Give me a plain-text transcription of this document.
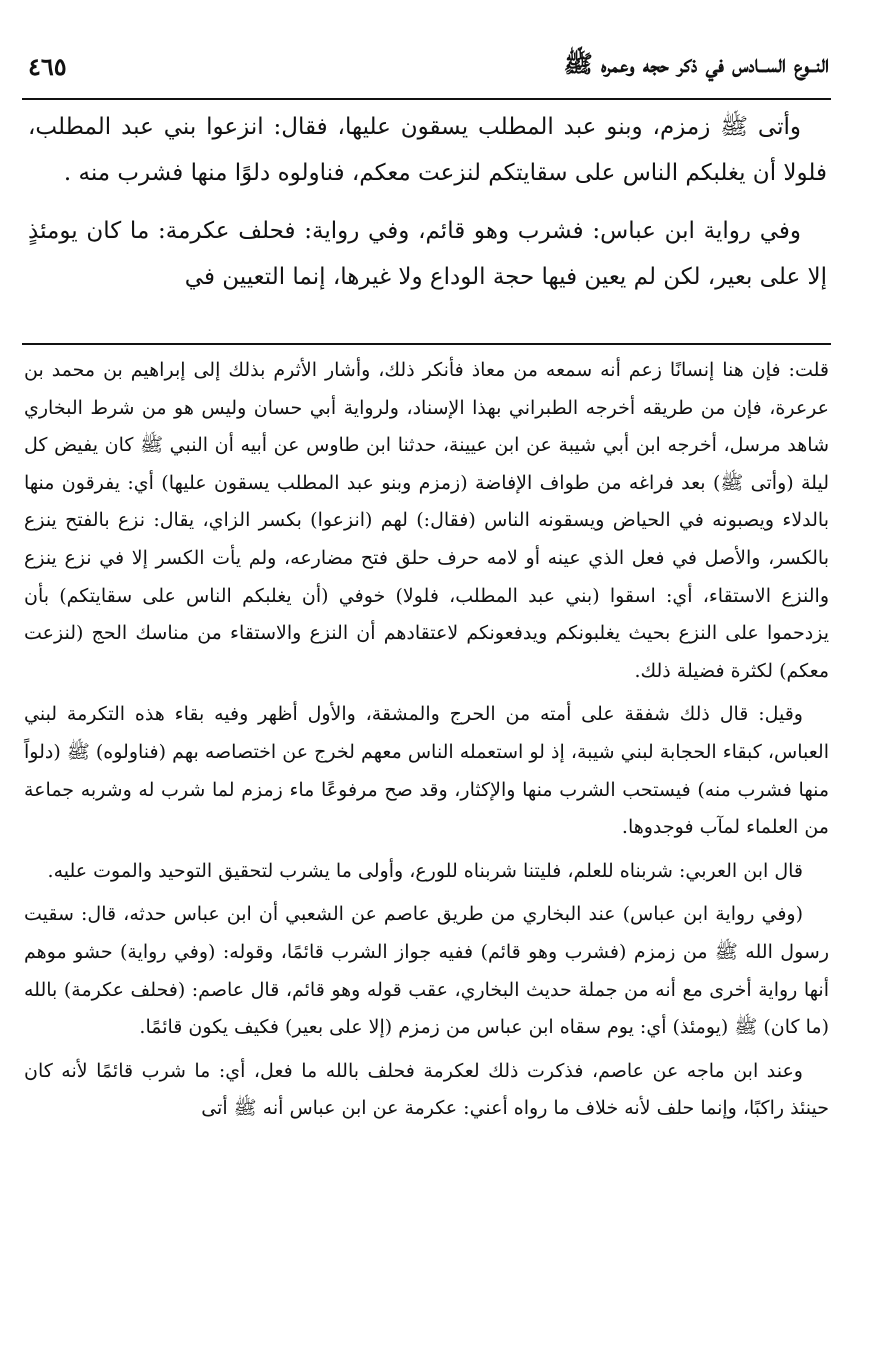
النــوع الســادس في ذكر حجه وعمره ﷺ
٤٦٥

وأتى ﷺ زمزم، وبنو عبد المطلب يسقون عليها، فقال: انزعوا بني عبد المطلب، فلولا أن يغلبكم الناس على سقايتكم لنزعت معكم، فناولوه دلوًا منها فشرب منه .

وفي رواية ابن عباس: فشرب وهو قائم، وفي رواية: فحلف عكرمة: ما كان يومئذٍ إلا على بعير، لكن لم يعين فيها حجة الوداع ولا غيرها، إنما التعيين في

قلت: فإن هنا إنسانًا زعم أنه سمعه من معاذ فأنكر ذلك، وأشار الأثرم بذلك إلى إبراهيم بن محمد بن عرعرة، فإن من طريقه أخرجه الطبراني بهذا الإسناد، ولرواية أبي حسان وليس هو من شرط البخاري شاهد مرسل، أخرجه ابن أبي شيبة عن ابن عيينة، حدثنا ابن طاوس عن أبيه أن النبي ﷺ كان يفيض كل ليلة (وأتى ﷺ) بعد فراغه من طواف الإفاضة (زمزم وبنو عبد المطلب يسقون عليها) أي: يفرقون منها بالدلاء ويصبونه في الحياض ويسقونه الناس (فقال:) لهم (انزعوا) بكسر الزاي، يقال: نزع بالفتح ينزع بالكسر، والأصل في فعل الذي عينه أو لامه حرف حلق فتح مضارعه، ولم يأت الكسر إلا في نزع ينزع والنزع الاستقاء، أي: اسقوا (بني عبد المطلب، فلولا) خوفي (أن يغلبكم الناس على سقايتكم) بأن يزدحموا على النزع بحيث يغلبونكم ويدفعونكم لاعتقادهم أن النزع والاستقاء من مناسك الحج (لنزعت معكم) لكثرة فضيلة ذلك.

وقيل: قال ذلك شفقة على أمته من الحرج والمشقة، والأول أظهر وفيه بقاء هذه التكرمة لبني العباس، كبقاء الحجابة لبني شيبة، إذ لو استعمله الناس معهم لخرج عن اختصاصه بهم (فناولوه) ﷺ (دلواً منها فشرب منه) فيستحب الشرب منها والإكثار، وقد صح مرفوعًا ماء زمزم لما شرب له وشربه جماعة من العلماء لمآب فوجدوها.

قال ابن العربي: شربناه للعلم، فليتنا شربناه للورع، وأولى ما يشرب لتحقيق التوحيد والموت عليه.

(وفي رواية ابن عباس) عند البخاري من طريق عاصم عن الشعبي أن ابن عباس حدثه، قال: سقيت رسول الله ﷺ من زمزم (فشرب وهو قائم) ففيه جواز الشرب قائمًا، وقوله: (وفي رواية) حشو موهم أنها رواية أخرى مع أنه من جملة حديث البخاري، عقب قوله وهو قائم، قال عاصم: (فحلف عكرمة) بالله (ما كان) ﷺ (يومئذ) أي: يوم سقاه ابن عباس من زمزم (إلا على بعير) فكيف يكون قائمًا.

وعند ابن ماجه عن عاصم، فذكرت ذلك لعكرمة فحلف بالله ما فعل، أي: ما شرب قائمًا لأنه كان حينئذ راكبًا، وإنما حلف لأنه خلاف ما رواه أعني: عكرمة عن ابن عباس أنه ﷺ أتى
